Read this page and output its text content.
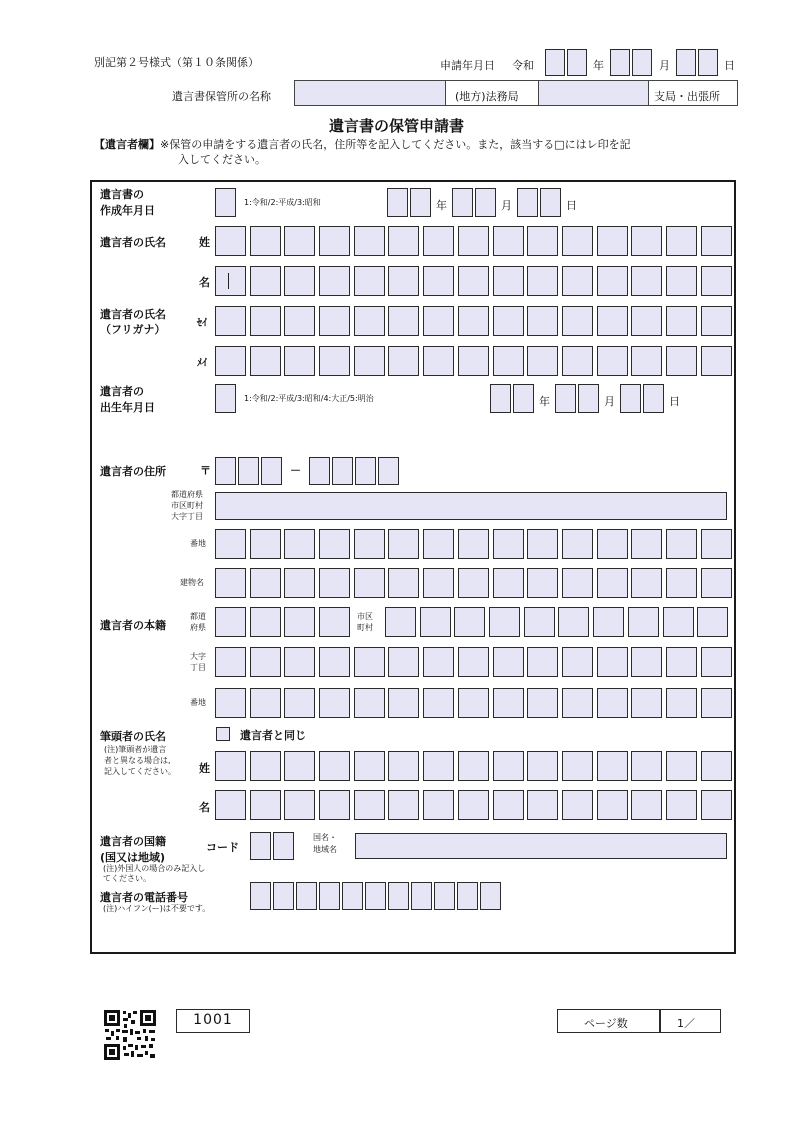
別記第２号様式（第１０条関係）	申請年月日 令和	年	月	日
遺言書保管所の名称	(地方)法務局	支局・出張所
遺言書の保管申請書
【遺言者欄】※保管の申請をする遺言者の氏名，住所等を記入してください。また，該当する□にはレ印を記
入してください。
遺言書の
作成年月日
1:令和/2:平成/3:昭和	年	月	日
遺言者の氏名	姓
名
遺言者の氏名
（フリガナ）	ｾｲ
ﾒｲ
遺言者の
出生年月日
1:令和/2:平成/3:昭和/4:大正/5:明治	年	月	日
遺言者の住所	〒	－
都道府県
市区町村
大字丁目
番地
建物名
遺言者の本籍
都道
府県
市区
町村
大字
丁目
番地
筆頭者の氏名	遺言者と同じ
(注)筆頭者が遺言
者と異なる場合は,
記入してください。 姓
名
遺言者の国籍
(国又は地域)
(注)外国人の場合のみ記入し
てください。
コード
国名・
地域名
遺言者の電話番号
(注)ハイフン(ー)は不要です。
1001	ページ数	1／
